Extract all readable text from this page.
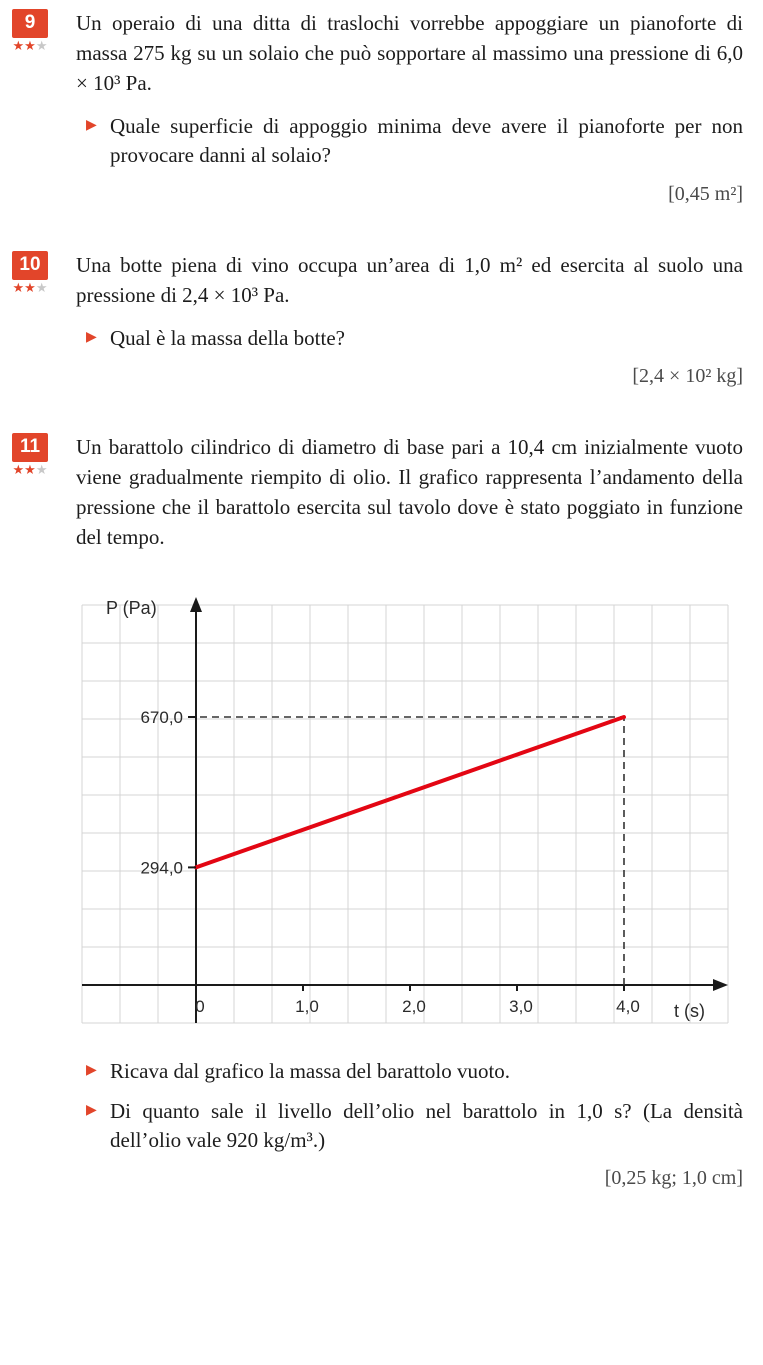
9
★★★

Un operaio di una ditta di traslochi vorrebbe appoggiare un pianoforte di massa 275 kg su un solaio che può sopportare al massimo una pressione di 6,0 × 10³ Pa.

▶ Quale superficie di appoggio minima deve avere il pianoforte per non provocare danni al solaio?

[0,45 m²]
10
★★★

Una botte piena di vino occupa un’area di 1,0 m² ed esercita al suolo una pressione di 2,4 × 10³ Pa.

▶ Qual è la massa della botte?

[2,4 × 10² kg]
11
★★★

Un barattolo cilindrico di diametro di base pari a 10,4 cm inizialmente vuoto viene gradualmente riempito di olio. Il grafico rappresenta l’andamento della pressione che il barattolo esercita sul tavolo dove è stato poggiato in funzione del tempo.

0	1,0	2,0	3,0	4,0
294,0
670,0
P (Pa)
t (s)
▶ Ricava dal grafico la massa del barattolo vuoto.

▶ Di quanto sale il livello dell’olio nel barattolo in 1,0 s? (La densità dell’olio vale 920 kg/m³.)

[0,25 kg; 1,0 cm]
